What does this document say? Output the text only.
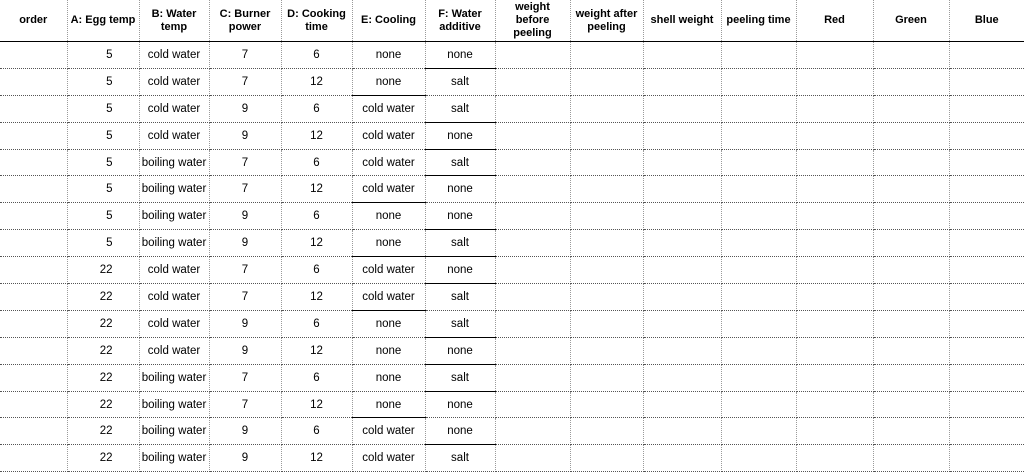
order	A: Egg temp	B: Water temp	C: Burner power	D: Cooking time	E: Cooling	F: Water additive	weight before peeling	weight after peeling	shell weight	peeling time	Red	Green	Blue
	5	cold water	7	6	none	none							
	5	cold water	7	12	none	salt							
	5	cold water	9	6	cold water	salt							
	5	cold water	9	12	cold water	none							
	5	boiling water	7	6	cold water	salt							
	5	boiling water	7	12	cold water	none							
	5	boiling water	9	6	none	none							
	5	boiling water	9	12	none	salt							
	22	cold water	7	6	cold water	none							
	22	cold water	7	12	cold water	salt							
	22	cold water	9	6	none	salt							
	22	cold water	9	12	none	none							
	22	boiling water	7	6	none	salt							
	22	boiling water	7	12	none	none							
	22	boiling water	9	6	cold water	none							
	22	boiling water	9	12	cold water	salt							
